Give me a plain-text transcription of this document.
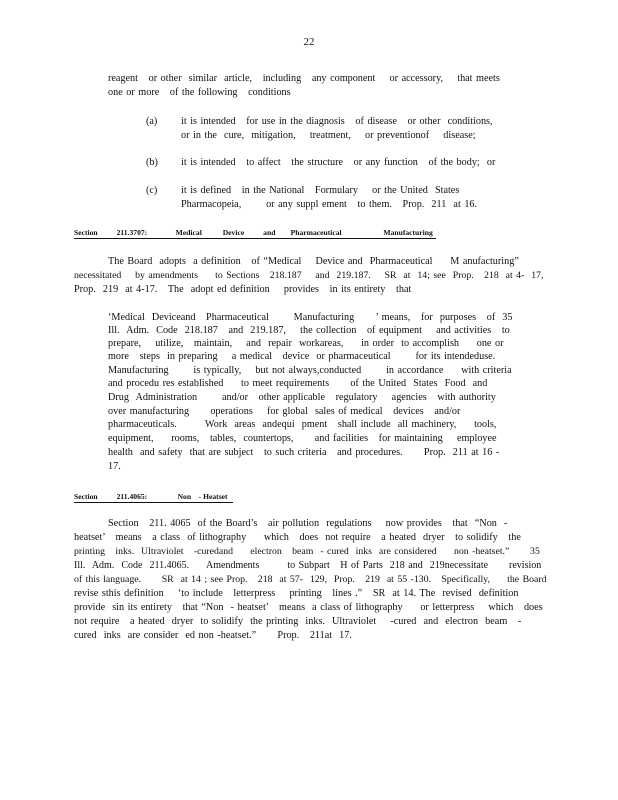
22
reagent   or other  similar  article,   including   any component    or accessory,    that meets
one or more   of the following   conditions
(a) it is intended   for use in the diagnosis   of disease   or other  conditions,
or in the  cure,  mitigation,    treatment,    or preventionof    disease;
(b) it is intended   to affect   the structure   or any function   of the body;  or
(c) it is defined   in the National   Formulary    or the United  States
Pharmacopeia,       or any suppl ement   to them.   Prop.  211  at 16.
Section          211.3707:               Medical           Device          and        Pharmaceutical                      Manufacturing
The Board  adopts  a definition   of “Medical    Device and  Pharmaceutical     M anufacturing”
necessitated    by amendments     to Sections   218.187    and  219.187.    SR  at  14; see  Prop.   218  at 4-  17,
Prop.  219  at 4-17.   The  adopt ed definition    provides   in its entirety   that
‘Medical  Deviceand   Pharmaceutical       Manufacturing      ’ means,   for  purposes   of  35
Ill.  Adm.  Code  218.187   and  219.187,    the collection   of equipment    and activities   to
prepare,    utilize,   maintain,    and  repair  workareas,     in order  to accomplish     one or
more   steps  in preparing    a medical   device  or pharmaceutical       for its intendeduse.
Manufacturing       is typically,    but not always,conducted       in accordance     with criteria
and procedu res established     to meet requirements      of the United  States  Food  and
Drug  Administration       and/or   other applicable   regulatory    agencies   with authority
over manufacturing      operations    for global  sales of medical   devices   and/or
pharmaceuticals.        Work  areas  andequi  pment   shall include  all machinery,     tools,
equipment,     rooms,   tables,  countertops,      and facilities   for maintaining    employee
health  and safety  that are subject   to such criteria   and procedures.      Prop.  211 at 16 -
17.
Section          211.4065:                Non    - Heatset
Section   211. 4065  of the Board’s   air pollution  regulations    now provides   that  “Non  -
heatset’   means   a class  of lithography     which   does  not require   a heated  dryer   to solidify   the
printing   inks.  Ultraviolet   -curedand     electron   beam  - cured  inks  are considered     non -heatset.”      35
Ill.  Adm.  Code  211.4065.     Amendments        to Subpart   H of Parts  218 and  219necessitate      revision
of this language.      SR  at 14 ; see Prop.   218  at 57-  129,  Prop.   219  at 55 -130.   Specifically,     the Board
revise sthis definition    ‘to include   letterpress    printing   lines .”   SR  at 14. The  revised  definition
provide  sin its entirety   that “Non  - heatset’   means  a class of lithography     or letterpress    which   does
not require   a heated  dryer  to solidify  the printing  inks.  Ultraviolet    -cured  and  electron  beam   -
cured  inks  are consider  ed non -heatset.”      Prop.   211at  17.
